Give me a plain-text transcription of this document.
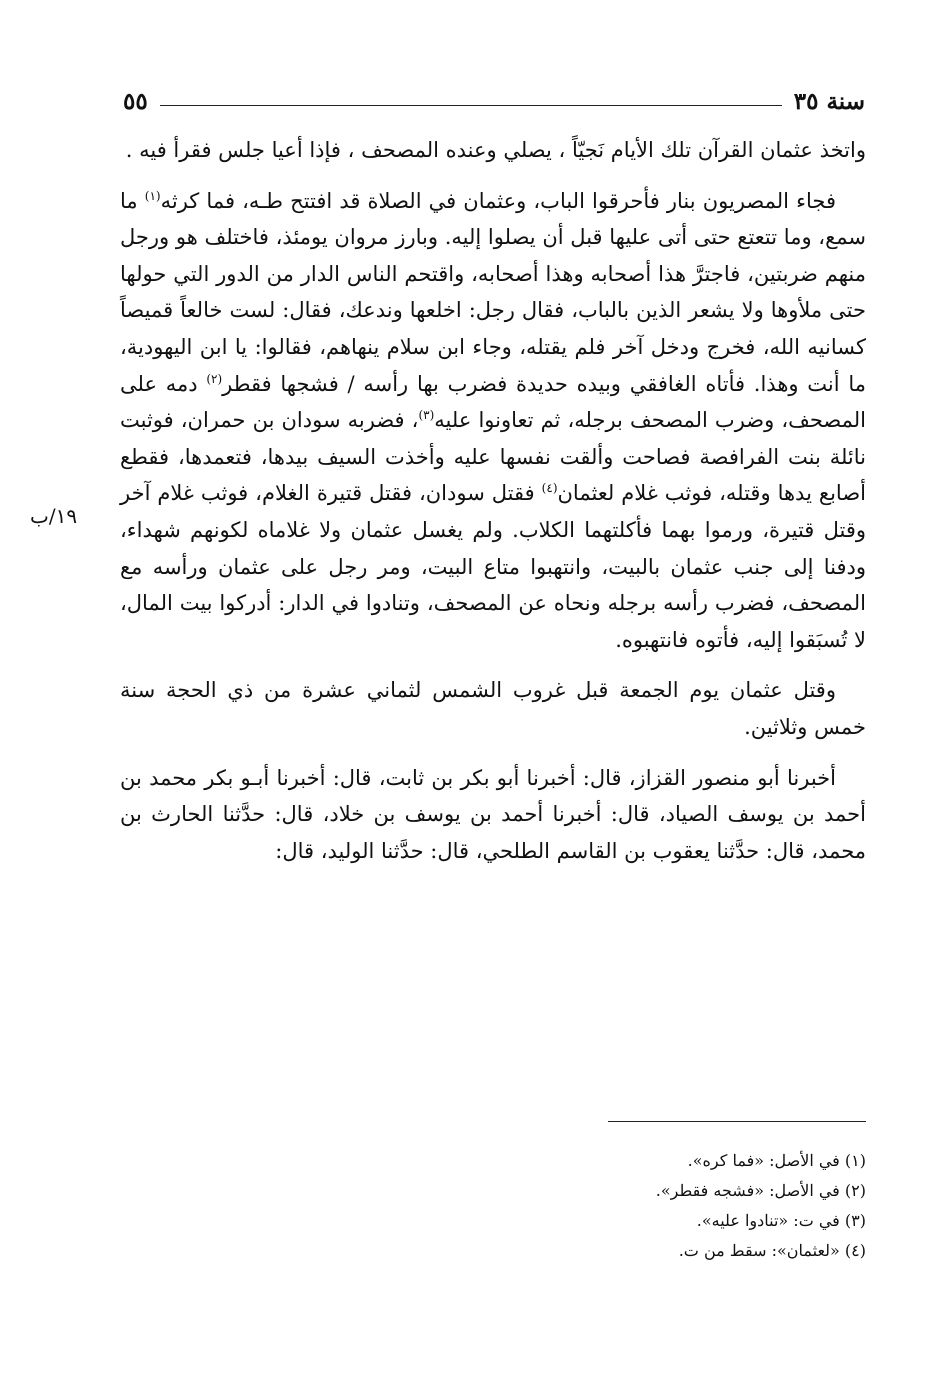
سنة ٣٥
٥٥
١٩/ب

واتخذ عثمان القرآن تلك الأيام نَجيّاً ، يصلي وعنده المصحف ، فإذا أعيا جلس فقرأ فيه .

فجاء المصريون بنار فأحرقوا الباب، وعثمان في الصلاة قد افتتح طـه، فما كرثه$^{(١)}$ ما سمع، وما تتعتع حتى أتى عليها قبل أن يصلوا إليه. وبارز مروان يومئذ، فاختلف هو ورجل منهم ضربتين، فاجترَّ هذا أصحابه وهذا أصحابه، واقتحم الناس الدار من الدور التي حولها حتى ملأوها ولا يشعر الذين بالباب، فقال رجل: اخلعها وندعك، فقال: لست خالعاً قميصاً كسانيه الله، فخرج ودخل آخر فلم يقتله، وجاء ابن سلام ينهاهم، فقالوا: يا ابن اليهودية، ما أنت وهذا. فأتاه الغافقي وبيده حديدة فضرب بها رأسه / فشجها فقطر$^{(٢)}$ دمه على المصحف، وضرب المصحف برجله، ثم تعاونوا عليه$^{(٣)}$، فضربه سودان بن حمران، فوثبت نائلة بنت الفرافصة فصاحت وألقت نفسها عليه وأخذت السيف بيدها، فتعمدها، فقطع أصابع يدها وقتله، فوثب غلام لعثمان$^{(٤)}$ فقتل سودان، فقتل قتيرة الغلام، فوثب غلام آخر وقتل قتيرة، ورموا بهما فأكلتهما الكلاب. ولم يغسل عثمان ولا غلاماه لكونهم شهداء، ودفنا إلى جنب عثمان بالبيت، وانتهبوا متاع البيت، ومر رجل على عثمان ورأسه مع المصحف، فضرب رأسه برجله ونحاه عن المصحف، وتنادوا في الدار: أدركوا بيت المال، لا تُسبَقوا إليه، فأتوه فانتهبوه.

وقتل عثمان يوم الجمعة قبل غروب الشمس لثماني عشرة من ذي الحجة سنة خمس وثلاثين.

أخبرنا أبو منصور القزاز، قال: أخبرنا أبو بكر بن ثابت، قال: أخبرنا أبـو بكر محمد بن أحمد بن يوسف الصياد، قال: أخبرنا أحمد بن يوسف بن خلاد، قال: حدَّثنا الحارث بن محمد، قال: حدَّثنا يعقوب بن القاسم الطلحي، قال: حدَّثنا الوليد، قال:

(١) في الأصل: «فما كره».

(٢) في الأصل: «فشجه فقطر».

(٣) في ت: «تنادوا عليه».

(٤) «لعثمان»: سقط من ت.
